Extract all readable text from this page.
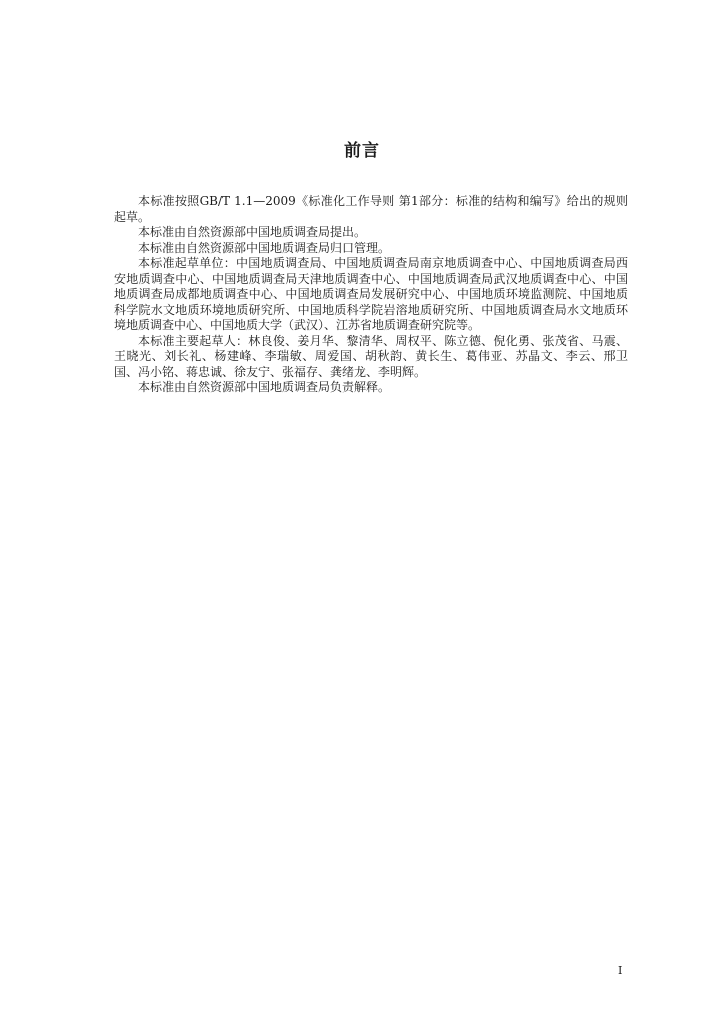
前言

本标准按照GB/T 1.1—2009《标准化工作导则 第1部分：标准的结构和编写》给出的规则起草。

本标准由自然资源部中国地质调查局提出。

本标准由自然资源部中国地质调查局归口管理。

本标准起草单位：中国地质调查局、中国地质调查局南京地质调查中心、中国地质调查局西安地质调查中心、中国地质调查局天津地质调查中心、中国地质调查局武汉地质调查中心、中国地质调查局成都地质调查中心、中国地质调查局发展研究中心、中国地质环境监测院、中国地质科学院水文地质环境地质研究所、中国地质科学院岩溶地质研究所、中国地质调查局水文地质环境地质调查中心、中国地质大学（武汉）、江苏省地质调查研究院等。

本标准主要起草人：林良俊、姜月华、黎清华、周权平、陈立德、倪化勇、张茂省、马震、王晓光、刘长礼、杨建峰、李瑞敏、周爱国、胡秋韵、黄长生、葛伟亚、苏晶文、李云、邢卫国、冯小铭、蒋忠诚、徐友宁、张福存、龚绪龙、李明辉。

本标准由自然资源部中国地质调查局负责解释。

I
